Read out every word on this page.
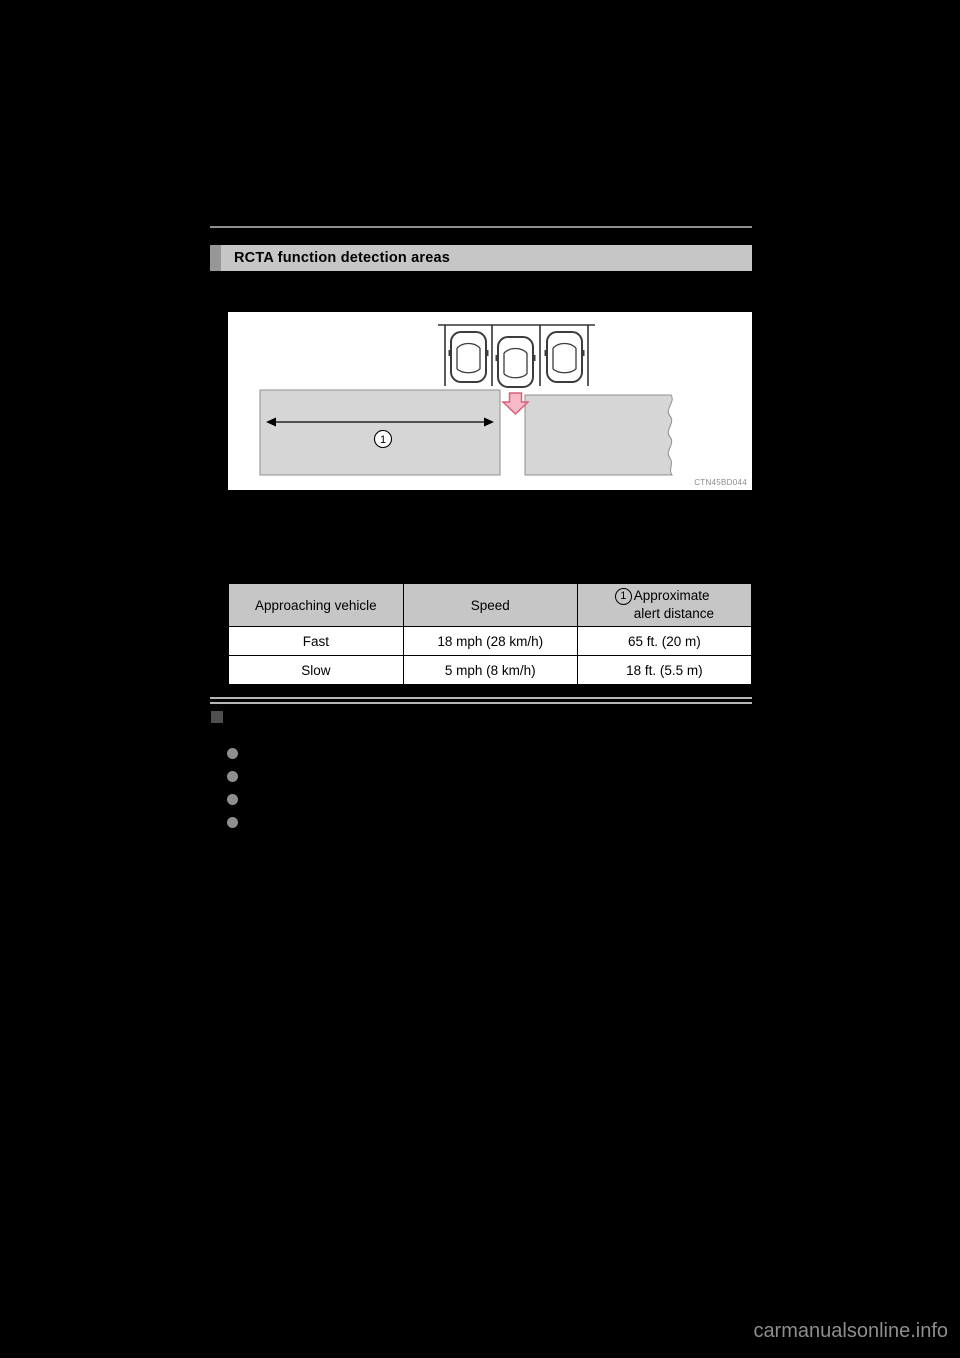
RCTA function detection areas
1
CTN45BD044
Approaching vehicle	Speed	1 Approximate
alert distance

Fast	18 mph (28 km/h)	65 ft. (20 m)
Slow	5 mph (8 km/h)	18 ft. (5.5 m)
carmanualsonline.info
